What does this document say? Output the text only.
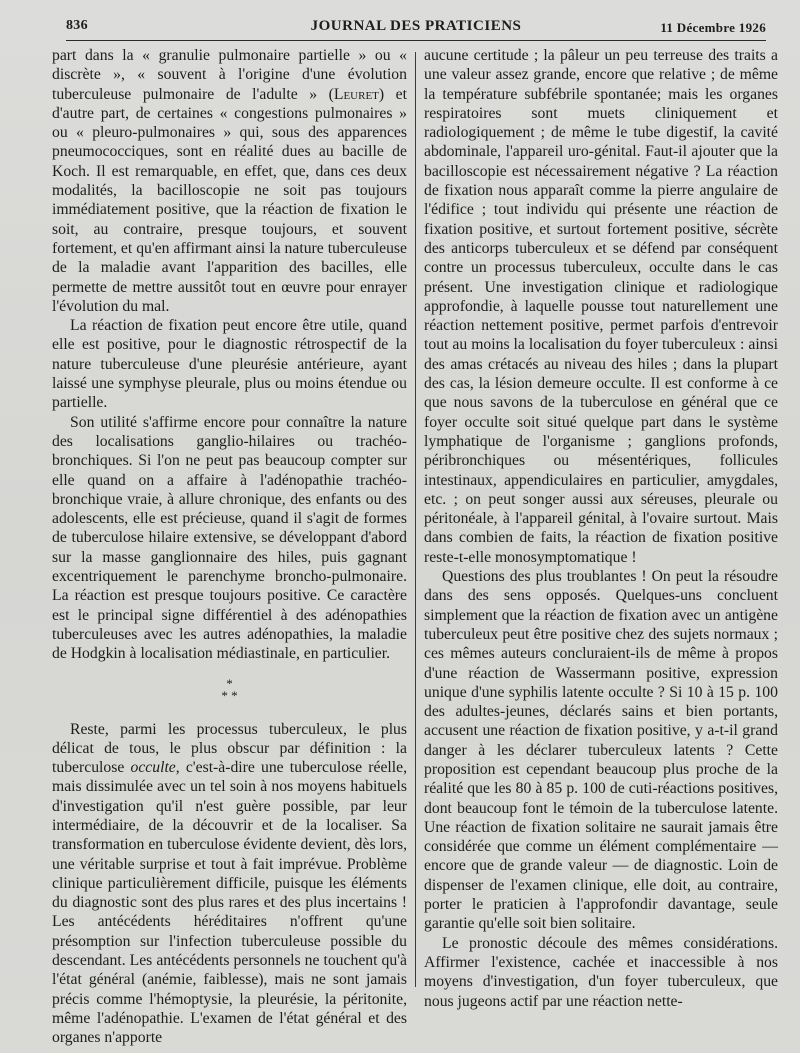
836	JOURNAL DES PRATICIENS	11 Décembre 1926

part dans la « granulie pulmonaire partielle » ou « discrète », « souvent à l'origine d'une évolution tuberculeuse pulmonaire de l'adulte » (Leuret) et d'autre part, de certaines « congestions pulmonaires » ou « pleuro-pulmonaires » qui, sous des apparences pneumococciques, sont en réalité dues au bacille de Koch. Il est remarquable, en effet, que, dans ces deux modalités, la bacilloscopie ne soit pas toujours immédiatement positive, que la réaction de fixation le soit, au contraire, presque toujours, et souvent fortement, et qu'en affirmant ainsi la nature tuberculeuse de la maladie avant l'apparition des bacilles, elle permette de mettre aussitôt tout en œuvre pour enrayer l'évolution du mal.

La réaction de fixation peut encore être utile, quand elle est positive, pour le diagnostic rétrospectif de la nature tuberculeuse d'une pleurésie antérieure, ayant laissé une symphyse pleurale, plus ou moins étendue ou partielle.

Son utilité s'affirme encore pour connaître la nature des localisations ganglio-hilaires ou trachéo-bronchiques. Si l'on ne peut pas beaucoup compter sur elle quand on a affaire à l'adénopathie trachéo-bronchique vraie, à allure chronique, des enfants ou des adolescents, elle est précieuse, quand il s'agit de formes de tuberculose hilaire extensive, se développant d'abord sur la masse ganglionnaire des hiles, puis gagnant excentriquement le parenchyme broncho-pulmonaire. La réaction est presque toujours positive. Ce caractère est le principal signe différentiel à des adénopathies tuberculeuses avec les autres adénopathies, la maladie de Hodgkin à localisation médiastinale, en particulier.

*
* *

Reste, parmi les processus tuberculeux, le plus délicat de tous, le plus obscur par définition : la tuberculose occulte, c'est-à-dire une tuberculose réelle, mais dissimulée avec un tel soin à nos moyens habituels d'investigation qu'il n'est guère possible, par leur intermédiaire, de la découvrir et de la localiser. Sa transformation en tuberculose évidente devient, dès lors, une véritable surprise et tout à fait imprévue. Problème clinique particulièrement difficile, puisque les éléments du diagnostic sont des plus rares et des plus incertains ! Les antécédents héréditaires n'offrent qu'une présomption sur l'infection tuberculeuse possible du descendant. Les antécédents personnels ne touchent qu'à l'état général (anémie, faiblesse), mais ne sont jamais précis comme l'hémoptysie, la pleurésie, la péritonite, même l'adénopathie. L'examen de l'état général et des organes n'apporte

aucune certitude ; la pâleur un peu terreuse des traits a une valeur assez grande, encore que relative ; de même la température subfébrile spontanée; mais les organes respiratoires sont muets cliniquement et radiologiquement ; de même le tube digestif, la cavité abdominale, l'appareil uro-génital. Faut-il ajouter que la bacilloscopie est nécessairement négative ? La réaction de fixation nous apparaît comme la pierre angulaire de l'édifice ; tout individu qui présente une réaction de fixation positive, et surtout fortement positive, sécrète des anticorps tuberculeux et se défend par conséquent contre un processus tuberculeux, occulte dans le cas présent. Une investigation clinique et radiologique approfondie, à laquelle pousse tout naturellement une réaction nettement positive, permet parfois d'entrevoir tout au moins la localisation du foyer tuberculeux : ainsi des amas crétacés au niveau des hiles ; dans la plupart des cas, la lésion demeure occulte. Il est conforme à ce que nous savons de la tuberculose en général que ce foyer occulte soit situé quelque part dans le système lymphatique de l'organisme ; ganglions profonds, péribronchiques ou mésentériques, follicules intestinaux, appendiculaires en particulier, amygdales, etc. ; on peut songer aussi aux séreuses, pleurale ou péritonéale, à l'appareil génital, à l'ovaire surtout. Mais dans combien de faits, la réaction de fixation positive reste-t-elle monosymptomatique !

Questions des plus troublantes ! On peut la résoudre dans des sens opposés. Quelques-uns concluent simplement que la réaction de fixation avec un antigène tuberculeux peut être positive chez des sujets normaux ; ces mêmes auteurs concluraient-ils de même à propos d'une réaction de Wassermann positive, expression unique d'une syphilis latente occulte ? Si 10 à 15 p. 100 des adultes-jeunes, déclarés sains et bien portants, accusent une réaction de fixation positive, y a-t-il grand danger à les déclarer tuberculeux latents ? Cette proposition est cependant beaucoup plus proche de la réalité que les 80 à 85 p. 100 de cuti-réactions positives, dont beaucoup font le témoin de la tuberculose latente. Une réaction de fixation solitaire ne saurait jamais être considérée que comme un élément complémentaire — encore que de grande valeur — de diagnostic. Loin de dispenser de l'examen clinique, elle doit, au contraire, porter le praticien à l'approfondir davantage, seule garantie qu'elle soit bien solitaire.

Le pronostic découle des mêmes considérations. Affirmer l'existence, cachée et inaccessible à nos moyens d'investigation, d'un foyer tuberculeux, que nous jugeons actif par une réaction nette-
